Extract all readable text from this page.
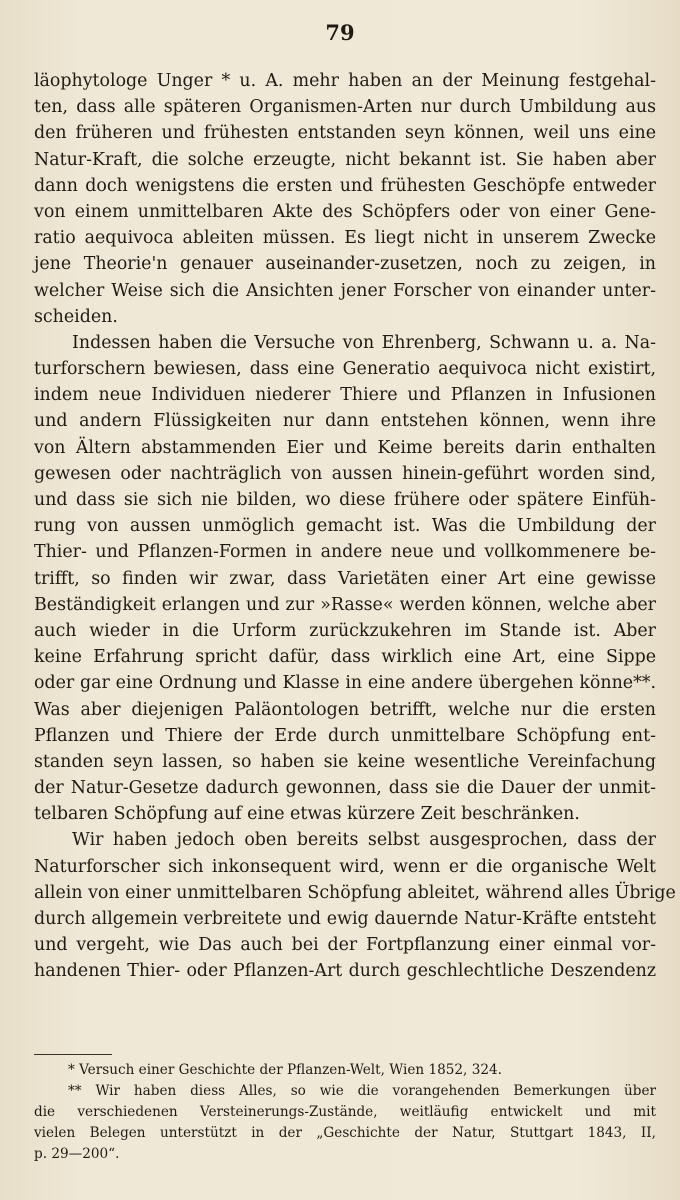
79
läophytologe Unger * u. A. mehr haben an der Meinung festgehal-
ten, dass alle späteren Organismen-Arten nur durch Umbildung aus
den früheren und frühesten entstanden seyn können, weil uns eine
Natur-Kraft, die solche erzeugte, nicht bekannt ist. Sie haben aber
dann doch wenigstens die ersten und frühesten Geschöpfe entweder
von einem unmittelbaren Akte des Schöpfers oder von einer Gene-
ratio aequivoca ableiten müssen. Es liegt nicht in unserem Zwecke
jene Theorie'n genauer auseinander-zusetzen, noch zu zeigen, in
welcher Weise sich die Ansichten jener Forscher von einander unter-
scheiden.
Indessen haben die Versuche von Ehrenberg, Schwann u. a. Na-
turforschern bewiesen, dass eine Generatio aequivoca nicht existirt,
indem neue Individuen niederer Thiere und Pflanzen in Infusionen
und andern Flüssigkeiten nur dann entstehen können, wenn ihre
von Ältern abstammenden Eier und Keime bereits darin enthalten
gewesen oder nachträglich von aussen hinein-geführt worden sind,
und dass sie sich nie bilden, wo diese frühere oder spätere Einfüh-
rung von aussen unmöglich gemacht ist. Was die Umbildung der
Thier- und Pflanzen-Formen in andere neue und vollkommenere be-
trifft, so finden wir zwar, dass Varietäten einer Art eine gewisse
Beständigkeit erlangen und zur »Rasse« werden können, welche aber
auch wieder in die Urform zurückzukehren im Stande ist. Aber
keine Erfahrung spricht dafür, dass wirklich eine Art, eine Sippe
oder gar eine Ordnung und Klasse in eine andere übergehen könne**.
Was aber diejenigen Paläontologen betrifft, welche nur die ersten
Pflanzen und Thiere der Erde durch unmittelbare Schöpfung ent-
standen seyn lassen, so haben sie keine wesentliche Vereinfachung
der Natur-Gesetze dadurch gewonnen, dass sie die Dauer der unmit-
telbaren Schöpfung auf eine etwas kürzere Zeit beschränken.
Wir haben jedoch oben bereits selbst ausgesprochen, dass der
Naturforscher sich inkonsequent wird, wenn er die organische Welt
allein von einer unmittelbaren Schöpfung ableitet, während alles Übrige
durch allgemein verbreitete und ewig dauernde Natur-Kräfte entsteht
und vergeht, wie Das auch bei der Fortpflanzung einer einmal vor-
handenen Thier- oder Pflanzen-Art durch geschlechtliche Deszendenz
* Versuch einer Geschichte der Pflanzen-Welt, Wien 1852, 324.
** Wir haben diess Alles, so wie die vorangehenden Bemerkungen über
die verschiedenen Versteinerungs-Zustände, weitläufig entwickelt und mit
vielen Belegen unterstützt in der „Geschichte der Natur, Stuttgart 1843, II,
p. 29—200“.
